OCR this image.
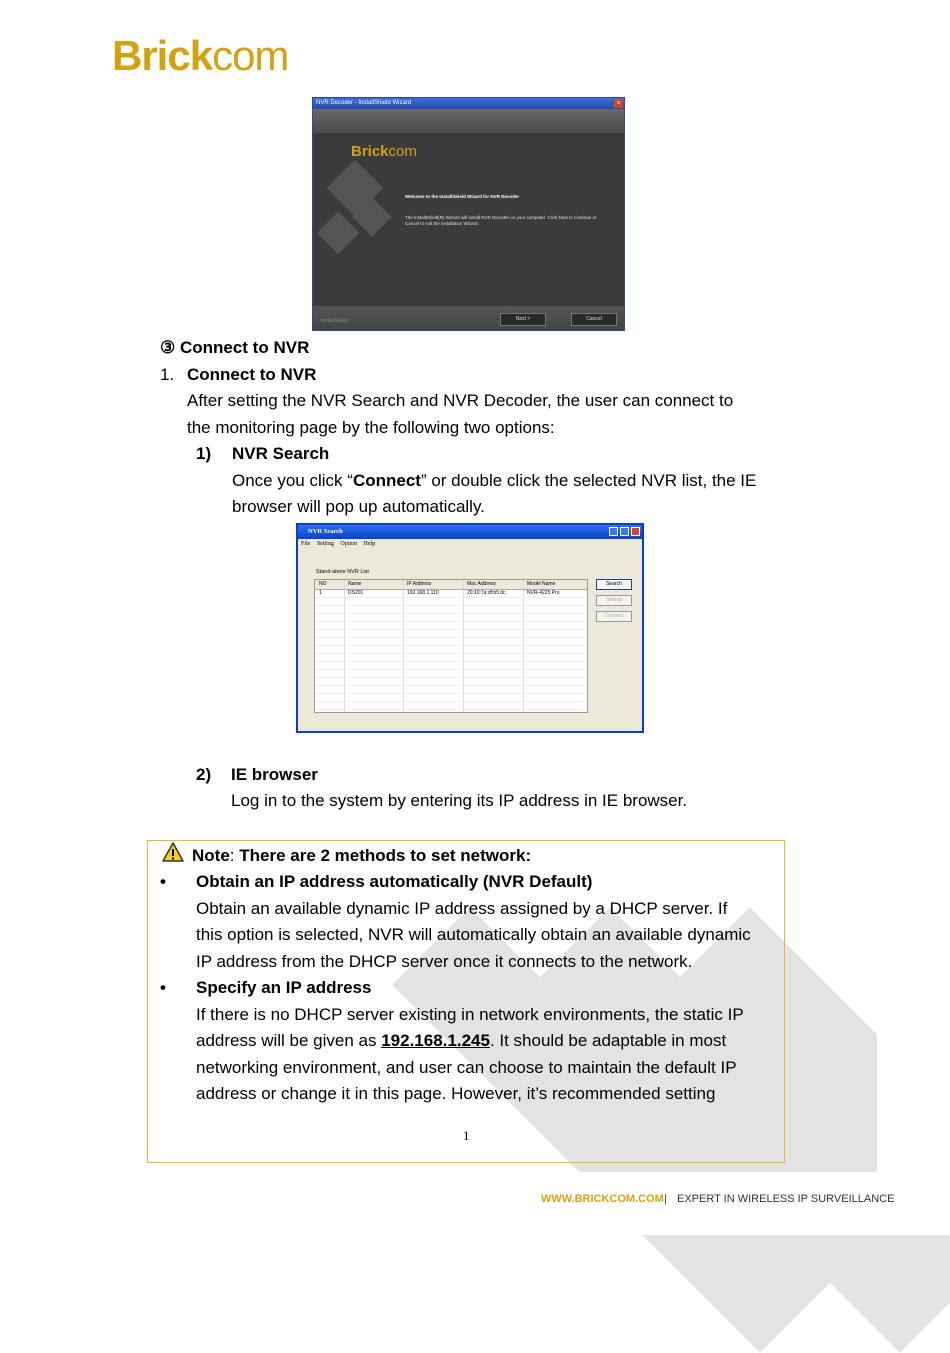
Brickcom
NVR Decoder - InstallShield Wizard	×
Brickcom
Welcome to the InstallShield Wizard for NVR Decoder
The InstallShield(R) Wizard will install NVR Decoder on your computer. Click Next to continue or Cancel to exit the installation Wizard.
InstallShield	Next >	Cancel
③ Connect to NVR
1. Connect to NVR
After setting the NVR Search and NVR Decoder, the user can connect to
the monitoring page by the following two options:
1) NVR Search
Once you click “Connect” or double click the selected NVR list, the IE
browser will pop up automatically.
NVR Search
File Setting Option Help
Stand-alone NVR List
NO	Name	IP Address	Mac Address	Model Name
1	DS201	192.168.1.110	20:10:7a:df:b5:dc	NVR-4225 Pro
Search
Setting
Connect
2) IE browser
Log in to the system by entering its IP address in IE browser.
Note: There are 2 methods to set network:
• Obtain an IP address automatically (NVR Default)
Obtain an available dynamic IP address assigned by a DHCP server. If
this option is selected, NVR will automatically obtain an available dynamic
IP address from the DHCP server once it connects to the network.
• Specify an IP address
If there is no DHCP server existing in network environments, the static IP
address will be given as 192.168.1.245. It should be adaptable in most
networking environment, and user can choose to maintain the default IP
address or change it in this page. However, it’s recommended setting
1
WWW.BRICKCOM.COM | EXPERT IN WIRELESS IP SURVEILLANCE
